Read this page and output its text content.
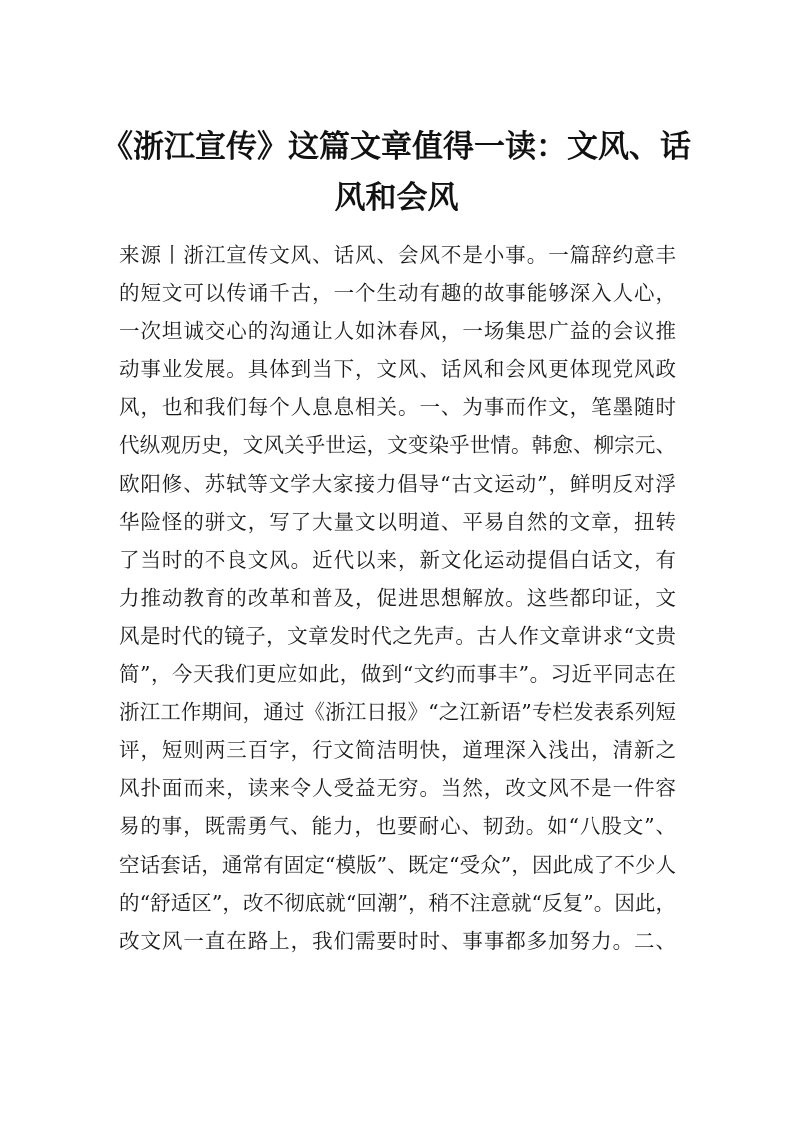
《浙江宣传》这篇文章值得一读：文风、话
风和会风
来源丨浙江宣传文风、话风、会风不是小事。一篇辞约意丰
的短文可以传诵千古，一个生动有趣的故事能够深入人心，
一次坦诚交心的沟通让人如沐春风，一场集思广益的会议推
动事业发展。具体到当下，文风、话风和会风更体现党风政
风，也和我们每个人息息相关。一、为事而作文，笔墨随时
代纵观历史，文风关乎世运，文变染乎世情。韩愈、柳宗元、
欧阳修、苏轼等文学大家接力倡导“古文运动”，鲜明反对浮
华险怪的骈文，写了大量文以明道、平易自然的文章，扭转
了当时的不良文风。近代以来，新文化运动提倡白话文，有
力推动教育的改革和普及，促进思想解放。这些都印证，文
风是时代的镜子，文章发时代之先声。古人作文章讲求“文贵
简”，今天我们更应如此，做到“文约而事丰”。习近平同志在
浙江工作期间，通过《浙江日报》“之江新语”专栏发表系列短
评，短则两三百字，行文简洁明快，道理深入浅出，清新之
风扑面而来，读来令人受益无穷。当然，改文风不是一件容
易的事，既需勇气、能力，也要耐心、韧劲。如“八股文”、
空话套话，通常有固定“模版”、既定“受众”，因此成了不少人
的“舒适区”，改不彻底就“回潮”，稍不注意就“反复”。因此，
改文风一直在路上，我们需要时时、事事都多加努力。二、
